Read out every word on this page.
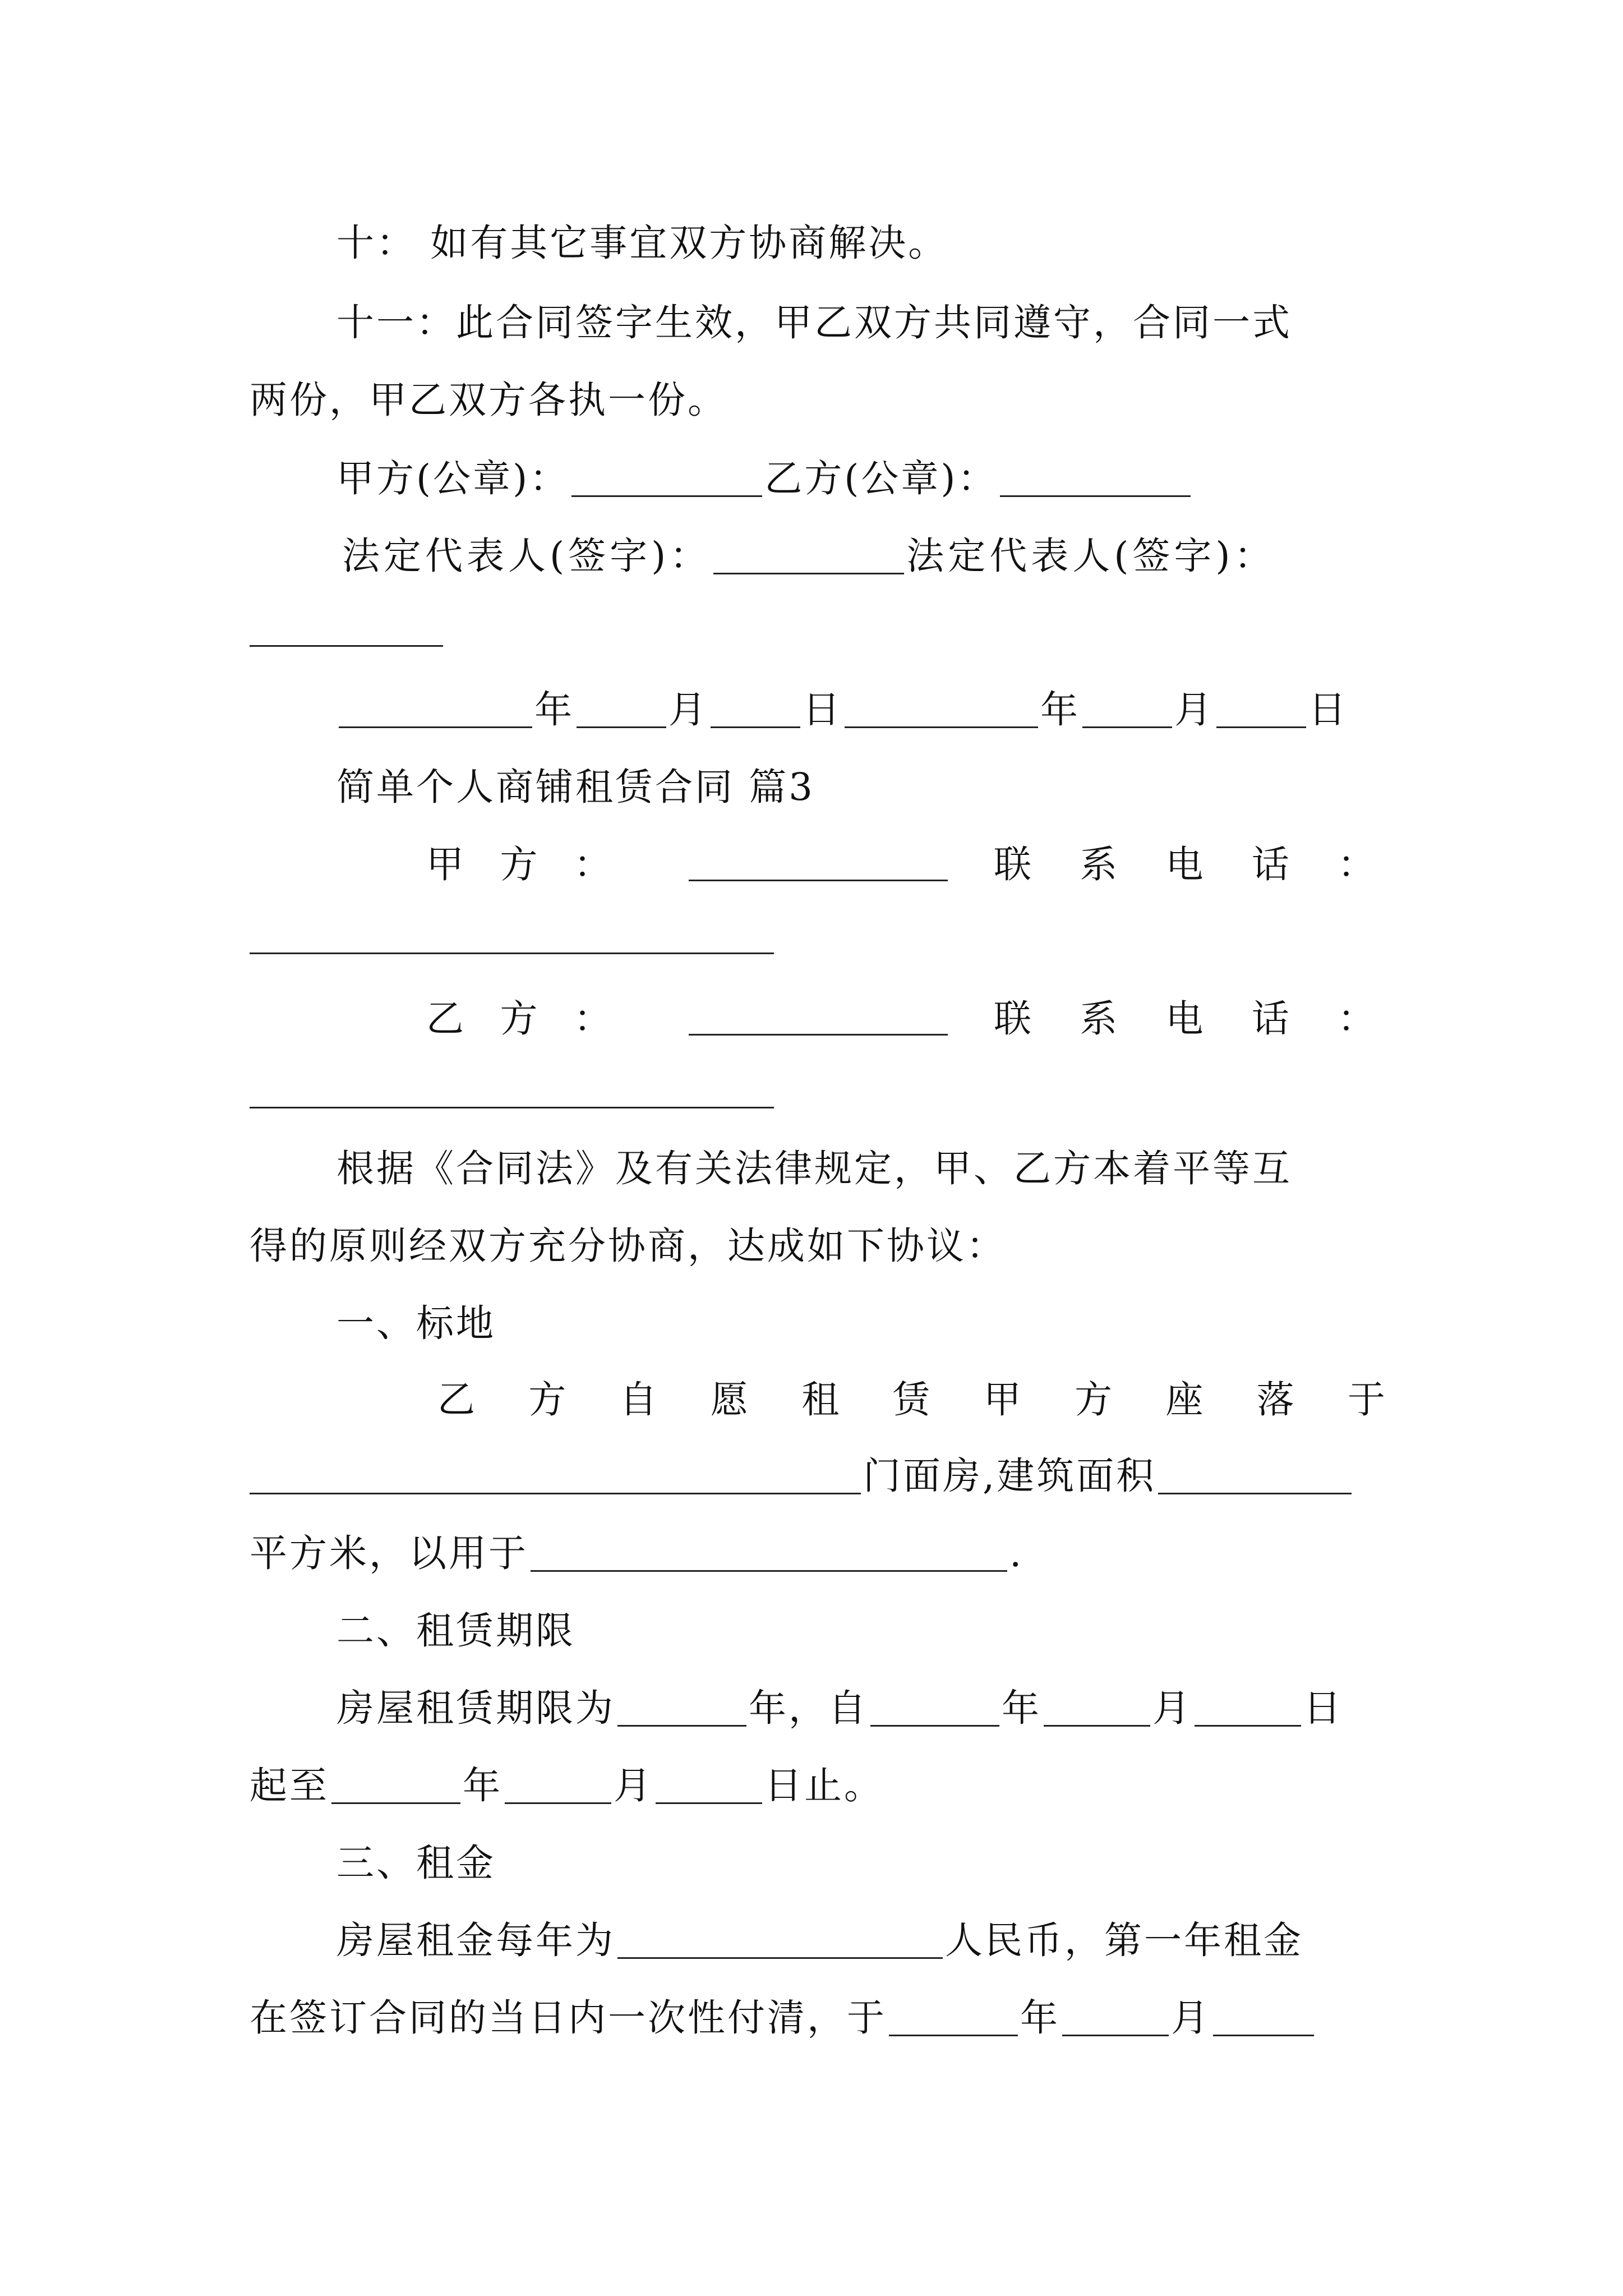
十： 如有其它事宜双方协商解决。
十一：此合同签字生效，甲乙双方共同遵守，合同一式
两份，甲乙双方各执一份。
甲方(公章)：	乙方(公章)：
法定代表人(签字)：	法定代表人(签字)：
年	月	日	年	月	日
简单个人商铺租赁合同 篇3
甲 方 ：	联 系 电 话 ：
乙 方 ：	联 系 电 话 ：
根据《合同法》及有关法律规定，甲、乙方本着平等互
得的原则经双方充分协商，达成如下协议：
一、标地
乙 方 自 愿 租 赁 甲 方 座 落 于
门面房,建筑面积
平方米，以用于	.
二、租赁期限
房屋租赁期限为	年，自	年	月	日
起至	年	月	日止。
三、租金
房屋租金每年为	人民币，第一年租金
在签订合同的当日内一次性付清，于	年	月
